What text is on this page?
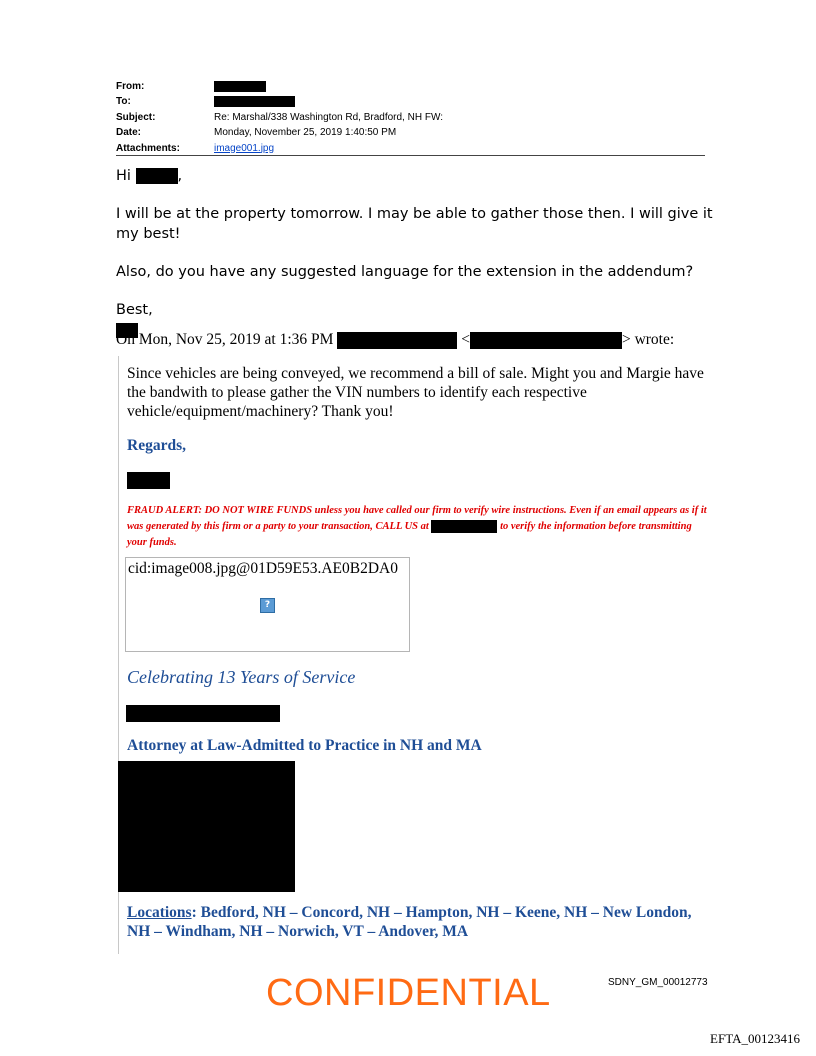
From:
To:
Subject:	Re: Marshal/338 Washington Rd, Bradford, NH FW:
Date:	Monday, November 25, 2019 1:40:50 PM
Attachments:	image001.jpg

Hi	,

I will be at the property tomorrow. I may be able to gather those then. I will give it my best!

Also, do you have any suggested language for the extension in the addendum?

Best,

On Mon, Nov 25, 2019 at 1:36 PM	<	> wrote:

Since vehicles are being conveyed, we recommend a bill of sale. Might you and Margie have the bandwith to please gather the VIN numbers to identify each respective vehicle/equipment/machinery? Thank you!

Regards,
FRAUD ALERT: DO NOT WIRE FUNDS unless you have called our firm to verify wire instructions. Even if an email appears as if it was generated by this firm or a party to your transaction, CALL US at	to verify the information before transmitting your funds.
cid:image008.jpg@01D59E53.AE0B2DA0
?
Celebrating 13 Years of Service
Attorney at Law-Admitted to Practice in NH and MA
Locations: Bedford, NH – Concord, NH – Hampton, NH – Keene, NH – New London, NH – Windham, NH – Norwich, VT – Andover, MA
CONFIDENTIAL	SDNY_GM_00012773
EFTA_00123416
